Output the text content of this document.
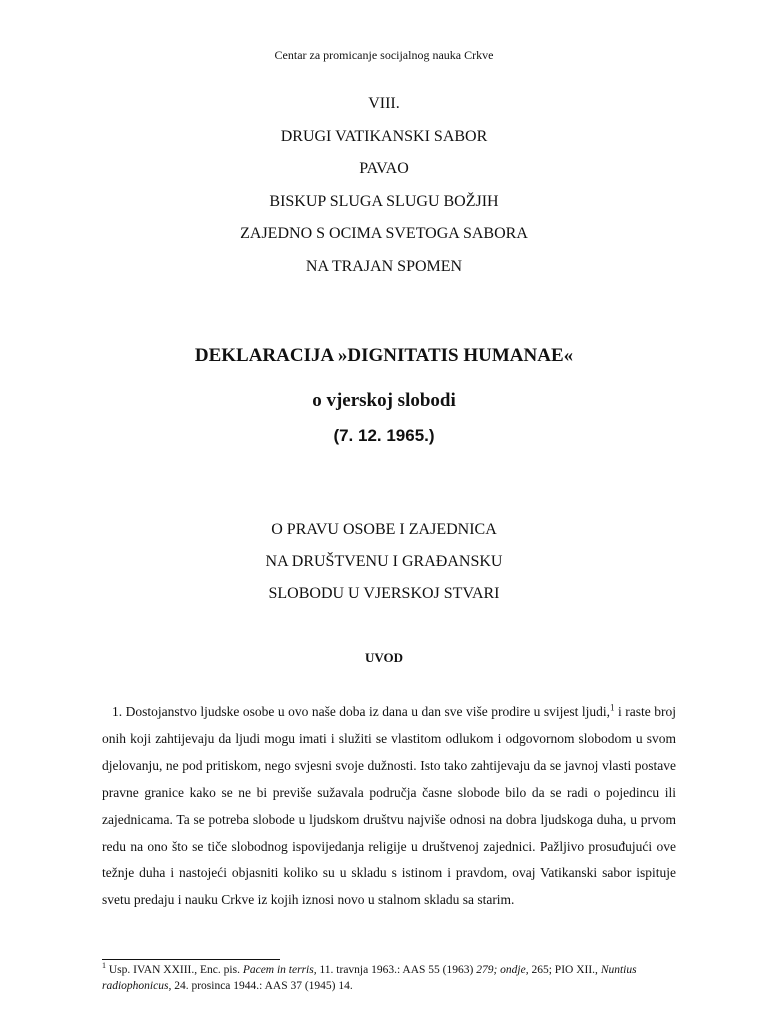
Centar za promicanje socijalnog nauka Crkve
VIII.
DRUGI VATIKANSKI SABOR
PAVAO
BISKUP SLUGA SLUGU BOŽJIH
ZAJEDNO S OCIMA SVETOGA SABORA
NA TRAJAN SPOMEN
DEKLARACIJA »DIGNITATIS HUMANAE«
o vjerskoj slobodi
(7. 12. 1965.)
O PRAVU OSOBE I ZAJEDNICA
NA DRUŠTVENU I GRAĐANSKU
SLOBODU U VJERSKOJ STVARI
UVOD

1. Dostojanstvo ljudske osobe u ovo naše doba iz dana u dan sve više prodire u svijest ljudi,$^1$ i raste broj onih koji zahtijevaju da ljudi mogu imati i služiti se vlastitom odlukom i odgovornom slobodom u svom djelovanju, ne pod pritiskom, nego svjesni svoje dužnosti. Isto tako zahtijevaju da se javnoj vlasti postave pravne granice kako se ne bi previše sužavala područja časne slobode bilo da se radi o pojedincu ili zajednicama. Ta se potreba slobode u ljudskom društvu najviše odnosi na dobra ljudskoga duha, u prvom redu na ono što se tiče slobodnog ispovijedanja religije u društvenoj zajednici. Pažljivo prosuđujući ove težnje duha i nastojeći objasniti koliko su u skladu s istinom i pravdom, ovaj Vatikanski sabor ispituje svetu predaju i nauku Crkve iz kojih iznosi novo u stalnom skladu sa starim.

$^1$ Usp. IVAN XXIII., Enc. pis. Pacem in terris, 11. travnja 1963.: AAS 55 (1963) 279; ondje, 265; PIO XII., Nuntius radiophonicus, 24. prosinca 1944.: AAS 37 (1945) 14.
